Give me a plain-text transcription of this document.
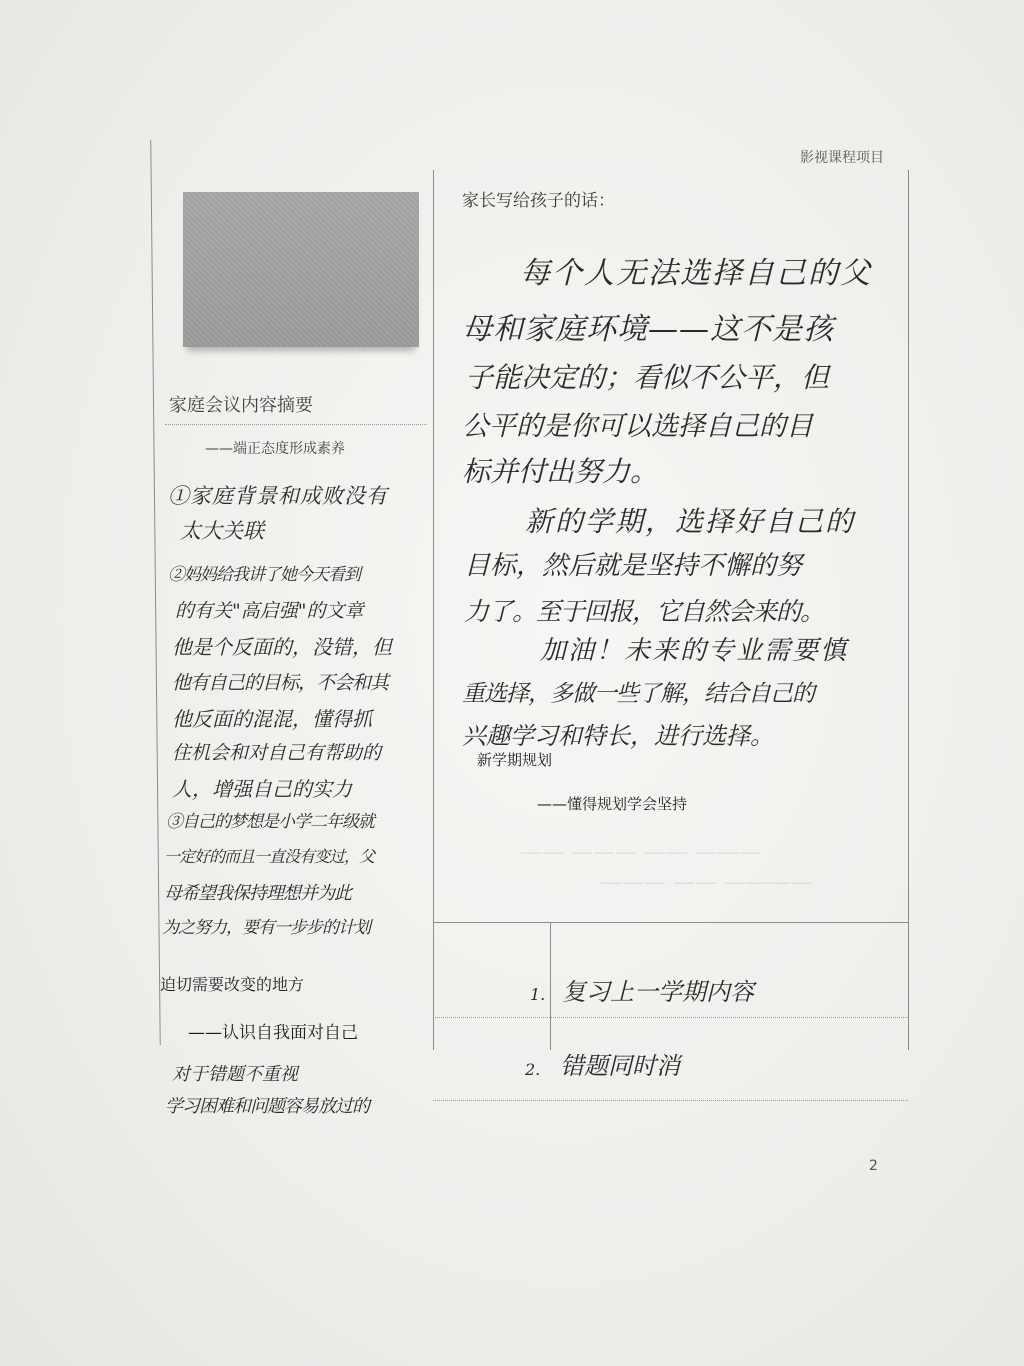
影视课程项目
家庭会议内容摘要
——端正态度形成素养
①家庭背景和成败没有
太大关联
②妈妈给我讲了她今天看到
的有关"高启强"的文章
他是个反面的，没错，但
他有自己的目标，不会和其
他反面的混混，懂得抓
住机会和对自己有帮助的
人，增强自己的实力
③自己的梦想是小学二年级就
一定好的而且一直没有变过，父
母希望我保持理想并为此
为之努力，要有一步步的计划
迫切需要改变的地方
——认识自我面对自己
对于错题不重视
学习困难和问题容易放过的
家长写给孩子的话：
每个人无法选择自己的父
母和家庭环境——这不是孩
子能决定的；看似不公平，但
公平的是你可以选择自己的目
标并付出努力。
新的学期，选择好自己的
目标，然后就是坚持不懈的努
力了。至于回报，它自然会来的。
加油！未来的专业需要慎
重选择，多做一些了解，结合自己的
兴趣学习和特长，进行选择。
新学期规划
——懂得规划学会坚持
—— ——— —— ———
——— —— ————
1. 复习上一学期内容
2. 错题同时消
2
